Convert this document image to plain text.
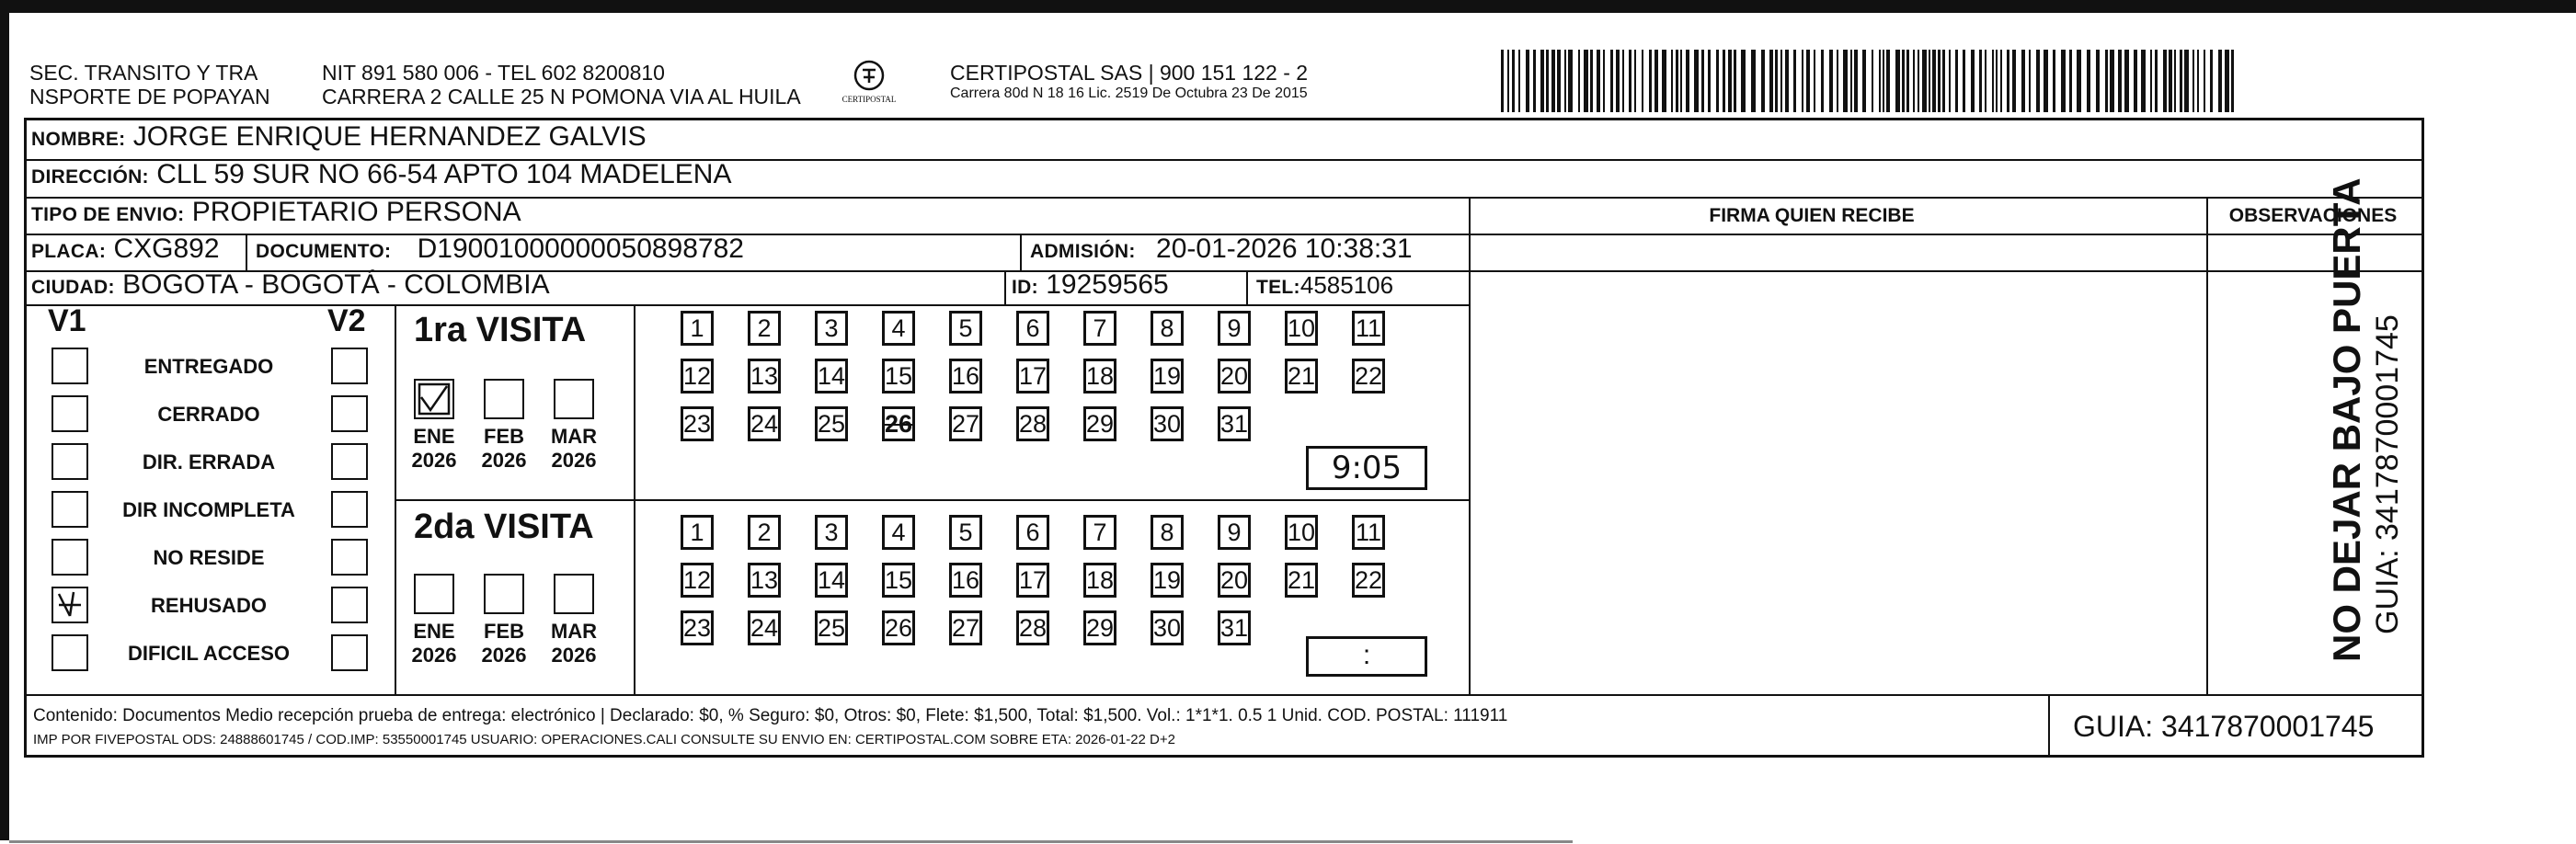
SEC. TRANSITO Y TRA
NSPORTE DE POPAYAN
NIT 891 580 006 - TEL 602 8200810
CARRERA 2 CALLE 25 N POMONA VIA AL HUILA	CERTIPOSTAL
CERTIPOSTAL SAS | 900 151 122 - 2
Carrera 80d N 18 16 Lic. 2519 De Octubra 23 De 2015
NOMBRE: JORGE ENRIQUE HERNANDEZ GALVIS
DIRECCIÓN: CLL 59 SUR NO 66-54 APTO 104 MADELENA
TIPO DE ENVIO: PROPIETARIO PERSONA	FIRMA QUIEN RECIBE	OBSERVACIONES
PLACA: CXG892 DOCUMENTO: D19001000000050898782	ADMISIÓN: 20-01-2026 10:38:31
CIUDAD: BOGOTA - BOGOTÁ - COLOMBIA	ID: 19259565	TEL:4585106
V1	V2
ENTREGADO
CERRADO
DIR. ERRADA
DIR INCOMPLETA
NO RESIDE
REHUSADO
DIFICIL ACCESO
1ra VISITA
2da VISITA
ENE
2026
FEB
2026
MAR
2026
ENE
2026
FEB
2026
MAR
2026
1	2	3	4	5	6	7	8	9	10 11
12 13 14 15 16 17 18 19 20 21 22
23 24 25 26 27 28 29 30 31
1	2	3	4	5	6	7	8	9	10 11
12 13 14 15 16 17 18 19 20 21 22
23 24 25 26 27 28 29 30 31
9:05
:
Contenido: Documentos Medio recepción prueba de entrega: electrónico | Declarado: $0, % Seguro: $0, Otros: $0, Flete: $1,500, Total: $1,500. Vol.: 1*1*1. 0.5 1 Unid. COD. POSTAL: 111911
IMP POR FIVEPOSTAL ODS: 24888601745 / COD.IMP: 53550001745 USUARIO: OPERACIONES.CALI CONSULTE SU ENVIO EN: CERTIPOSTAL.COM SOBRE ETA: 2026-01-22 D+2	GUIA: 3417870001745
NO DEJAR BAJO PUERTA GUIA: 3417870001745
